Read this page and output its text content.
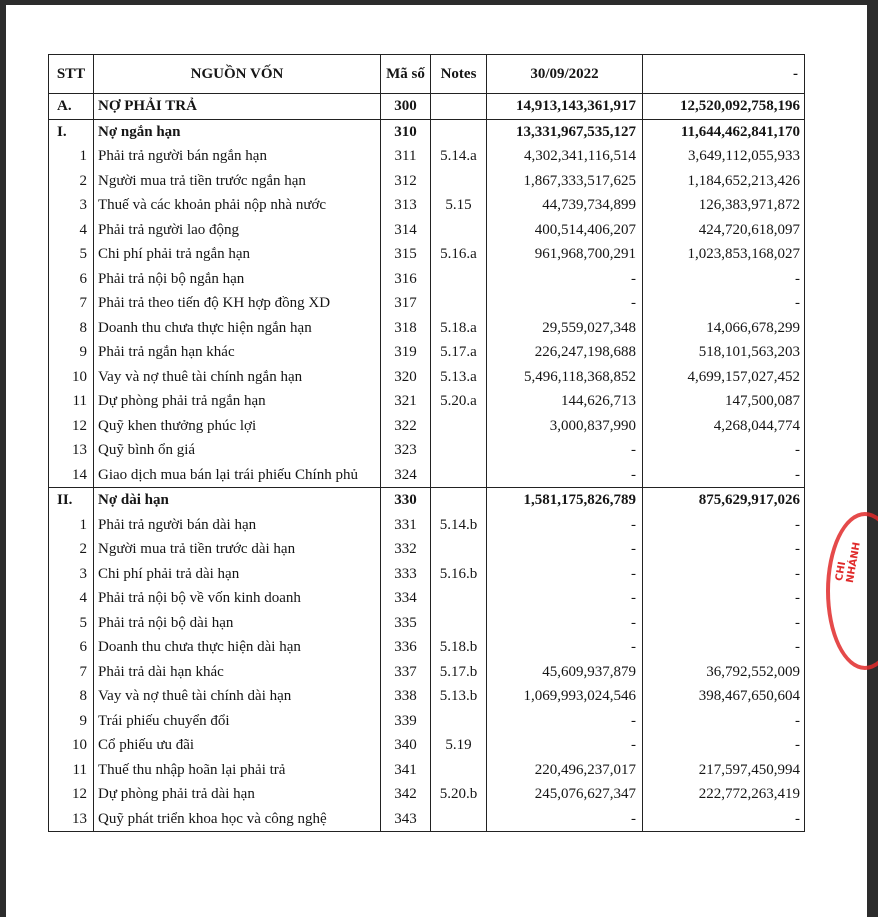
STT	NGUỒN VỐN	Mã số	Notes	30/09/2022	-
A.	NỢ PHẢI TRẢ	300		14,913,143,361,917	12,520,092,758,196
I.	Nợ ngắn hạn	310		13,331,967,535,127	11,644,462,841,170
1	Phải trả người bán ngắn hạn	311	5.14.a	4,302,341,116,514	3,649,112,055,933
2	Người mua trả tiền trước ngắn hạn	312		1,867,333,517,625	1,184,652,213,426
3	Thuế và các khoản phải nộp nhà nước	313	5.15	44,739,734,899	126,383,971,872
4	Phải trả người lao động	314		400,514,406,207	424,720,618,097
5	Chi phí phải trả ngắn hạn	315	5.16.a	961,968,700,291	1,023,853,168,027
6	Phải trả nội bộ ngắn hạn	316		-	-
7	Phải trả theo tiến độ KH hợp đồng XD	317		-	-
8	Doanh thu chưa thực hiện ngắn hạn	318	5.18.a	29,559,027,348	14,066,678,299
9	Phải trả ngắn hạn khác	319	5.17.a	226,247,198,688	518,101,563,203
10	Vay và nợ thuê tài chính ngắn hạn	320	5.13.a	5,496,118,368,852	4,699,157,027,452
11	Dự phòng phải trả ngắn hạn	321	5.20.a	144,626,713	147,500,087
12	Quỹ khen thưởng phúc lợi	322		3,000,837,990	4,268,044,774
13	Quỹ bình ổn giá	323		-	-
14	Giao dịch mua bán lại trái phiếu Chính phủ	324		-	-
II.	Nợ dài hạn	330		1,581,175,826,789	875,629,917,026
1	Phải trả người bán dài hạn	331	5.14.b	-	-
2	Người mua trả tiền trước dài hạn	332		-	-
3	Chi phí phải trả dài hạn	333	5.16.b	-	-
4	Phải trả nội bộ về vốn kinh doanh	334		-	-
5	Phải trả nội bộ dài hạn	335		-	-
6	Doanh thu chưa thực hiện dài hạn	336	5.18.b	-	-
7	Phải trả dài hạn khác	337	5.17.b	45,609,937,879	36,792,552,009
8	Vay và nợ thuê tài chính dài hạn	338	5.13.b	1,069,993,024,546	398,467,650,604
9	Trái phiếu chuyển đổi	339		-	-
10	Cổ phiếu ưu đãi	340	5.19	-	-
11	Thuế thu nhập hoãn lại phải trả	341		220,496,237,017	217,597,450,994
12	Dự phòng phải trả dài hạn	342	5.20.b	245,076,627,347	222,772,263,419
13	Quỹ phát triển khoa học và công nghệ	343		-	-
CHI NHÁNH
